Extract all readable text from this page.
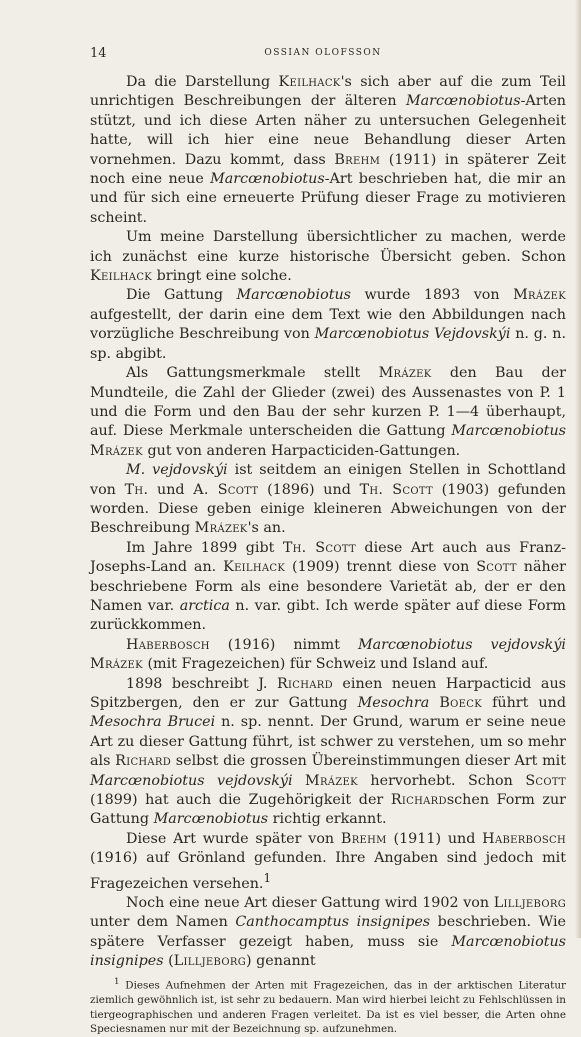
14	OSSIAN OLOFSSON

Da die Darstellung Keilhack's sich aber auf die zum Teil unrichtigen Beschreibungen der älteren Marcœnobiotus-Arten stützt, und ich diese Arten näher zu untersuchen Gelegenheit hatte, will ich hier eine neue Behandlung dieser Arten vornehmen. Dazu kommt, dass Brehm (1911) in späterer Zeit noch eine neue Marcœnobiotus-Art beschrieben hat, die mir an und für sich eine erneuerte Prüfung dieser Frage zu motivieren scheint.

Um meine Darstellung übersichtlicher zu machen, werde ich zunächst eine kurze historische Übersicht geben. Schon Keilhack bringt eine solche.

Die Gattung Marcœnobiotus wurde 1893 von Mrázek aufgestellt, der darin eine dem Text wie den Abbildungen nach vorzügliche Beschreibung von Marcœnobiotus Vejdovskýi n. g. n. sp. abgibt.

Als Gattungsmerkmale stellt Mrázek den Bau der Mundteile, die Zahl der Glieder (zwei) des Aussenastes von P. 1 und die Form und den Bau der sehr kurzen P. 1—4 überhaupt, auf. Diese Merkmale unterscheiden die Gattung Marcœnobiotus Mrázek gut von anderen Harpacticiden-Gattungen.

M. vejdovskýi ist seitdem an einigen Stellen in Schottland von Th. und A. Scott (1896) und Th. Scott (1903) gefunden worden. Diese geben einige kleineren Abweichungen von der Beschreibung Mrázek's an.

Im Jahre 1899 gibt Th. Scott diese Art auch aus Franz-Josephs-Land an. Keilhack (1909) trennt diese von Scott näher beschriebene Form als eine besondere Varietät ab, der er den Namen var. arctica n. var. gibt. Ich werde später auf diese Form zurückkommen.

Haberbosch (1916) nimmt Marcœnobiotus vejdovskýi Mrázek (mit Fragezeichen) für Schweiz und Island auf.

1898 beschreibt J. Richard einen neuen Harpacticid aus Spitzbergen, den er zur Gattung Mesochra Boeck führt und Mesochra Brucei n. sp. nennt. Der Grund, warum er seine neue Art zu dieser Gattung führt, ist schwer zu verstehen, um so mehr als Richard selbst die grossen Übereinstimmungen dieser Art mit Marcœnobiotus vejdovskýi Mrázek hervorhebt. Schon Scott (1899) hat auch die Zugehörigkeit der Richardschen Form zur Gattung Marcœnobiotus richtig erkannt.

Diese Art wurde später von Brehm (1911) und Haberbosch (1916) auf Grönland gefunden. Ihre Angaben sind jedoch mit Fragezeichen versehen.$^1$

Noch eine neue Art dieser Gattung wird 1902 von Lilljeborg unter dem Namen Canthocamptus insignipes beschrieben. Wie spätere Verfasser gezeigt haben, muss sie Marcœnobiotus insignipes (Lilljeborg) genannt

$^1$ Dieses Aufnehmen der Arten mit Fragezeichen, das in der arktischen Literatur ziemlich gewöhnlich ist, ist sehr zu bedauern. Man wird hierbei leicht zu Fehlschlüssen in tiergeographischen und anderen Fragen verleitet. Da ist es viel besser, die Arten ohne Speciesnamen nur mit der Bezeichnung sp. aufzunehmen.
